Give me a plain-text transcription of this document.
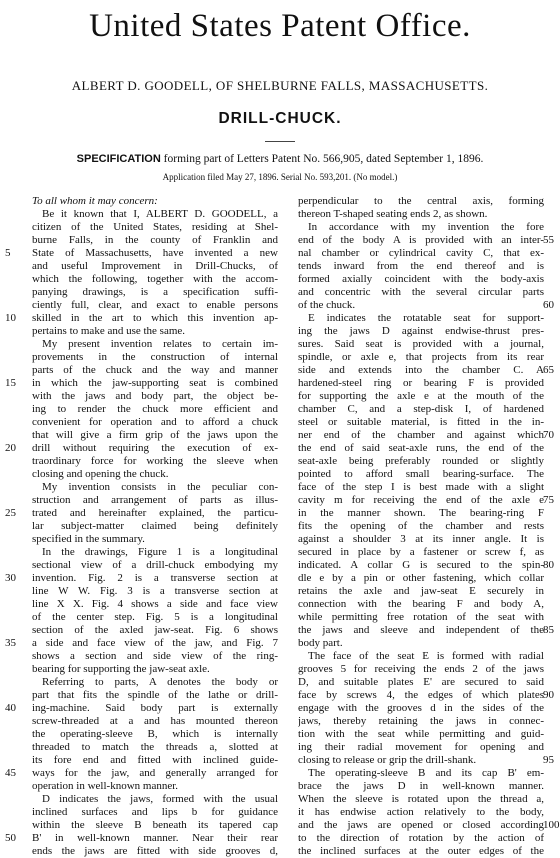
United States Patent Office.
ALBERT D. GOODELL, OF SHELBURNE FALLS, MASSACHUSETTS.
DRILL-CHUCK.
SPECIFICATION forming part of Letters Patent No. 566,905, dated September 1, 1896.
Application filed May 27, 1896. Serial No. 593,201. (No model.)
To all whom it may concern:
Be it known that I, ALBERT D. GOODELL, a
citizen of the United States, residing at Shel-
burne Falls, in the county of Franklin and
State of Massachusetts, have invented a new
and useful Improvement in Drill-Chucks, of
which the following, together with the accom-
panying drawings, is a specification suffi-
ciently full, clear, and exact to enable persons
skilled in the art to which this invention ap-
pertains to make and use the same.
My present invention relates to certain im-
provements in the construction of internal
parts of the chuck and the way and manner
in which the jaw-supporting seat is combined
with the jaws and body part, the object be-
ing to render the chuck more efficient and
convenient for operation and to afford a chuck
that will give a firm grip of the jaws upon the
drill without requiring the execution of ex-
traordinary force for working the sleeve when
closing and opening the chuck.
My invention consists in the peculiar con-
struction and arrangement of parts as illus-
trated and hereinafter explained, the particu-
lar subject-matter claimed being definitely
specified in the summary.
In the drawings, Figure 1 is a longitudinal
sectional view of a drill-chuck embodying my
invention. Fig. 2 is a transverse section at
line W W. Fig. 3 is a transverse section at
line X X. Fig. 4 shows a side and face view
of the center step. Fig. 5 is a longitudinal
section of the axled jaw-seat. Fig. 6 shows
a side and face view of the jaw, and Fig. 7
shows a section and side view of the ring-
bearing for supporting the jaw-seat axle.
Referring to parts, A denotes the body or
part that fits the spindle of the lathe or drill-
ing-machine. Said body part is externally
screw-threaded at a and has mounted thereon
the operating-sleeve B, which is internally
threaded to match the threads a, slotted at
its fore end and fitted with inclined guide-
ways for the jaw, and generally arranged for
operation in well-known manner.
D indicates the jaws, formed with the usual
inclined surfaces and lips b for guidance
within the sleeve B beneath its tapered cap
B' in well-known manner. Near their rear
ends the jaws are fitted with side grooves d,
perpendicular to the central axis, forming
thereon T-shaped seating ends 2, as shown.
In accordance with my invention the fore
end of the body A is provided with an inter-
nal chamber or cylindrical cavity C, that ex-
tends inward from the end thereof and is
formed axially coincident with the body-axis
and concentric with the several circular parts
of the chuck.
E indicates the rotatable seat for support-
ing the jaws D against endwise-thrust pres-
sures. Said seat is provided with a journal,
spindle, or axle e, that projects from its rear
side and extends into the chamber C. A
hardened-steel ring or bearing F is provided
for supporting the axle e at the mouth of the
chamber C, and a step-disk I, of hardened
steel or suitable material, is fitted in the in-
ner end of the chamber and against which
the end of said seat-axle runs, the end of the
seat-axle being preferably rounded or slightly
pointed to afford small bearing-surface. The
face of the step I is best made with a slight
cavity m for receiving the end of the axle e
in the manner shown. The bearing-ring F
fits the opening of the chamber and rests
against a shoulder 3 at its inner angle. It is
secured in place by a fastener or screw f, as
indicated. A collar G is secured to the spin-
dle e by a pin or other fastening, which collar
retains the axle and jaw-seat E securely in
connection with the bearing F and body A,
while permitting free rotation of the seat with
the jaws and sleeve and independent of the
body part.
The face of the seat E is formed with radial
grooves 5 for receiving the ends 2 of the jaws
D, and suitable plates E' are secured to said
face by screws 4, the edges of which plates
engage with the grooves d in the sides of the
jaws, thereby retaining the jaws in connec-
tion with the seat while permitting and guid-
ing their radial movement for opening and
closing to release or grip the drill-shank.
The operating-sleeve B and its cap B' em-
brace the jaws D in well-known manner.
When the sleeve is rotated upon the thread a,
it has endwise action relatively to the body,
and the jaws are opened or closed according
to the direction of rotation by the action of
the inclined surfaces at the outer edges of the
5
10
15
20
25
30
35
40
45
50
55
60
65
70
75
80
85
90
95
100
